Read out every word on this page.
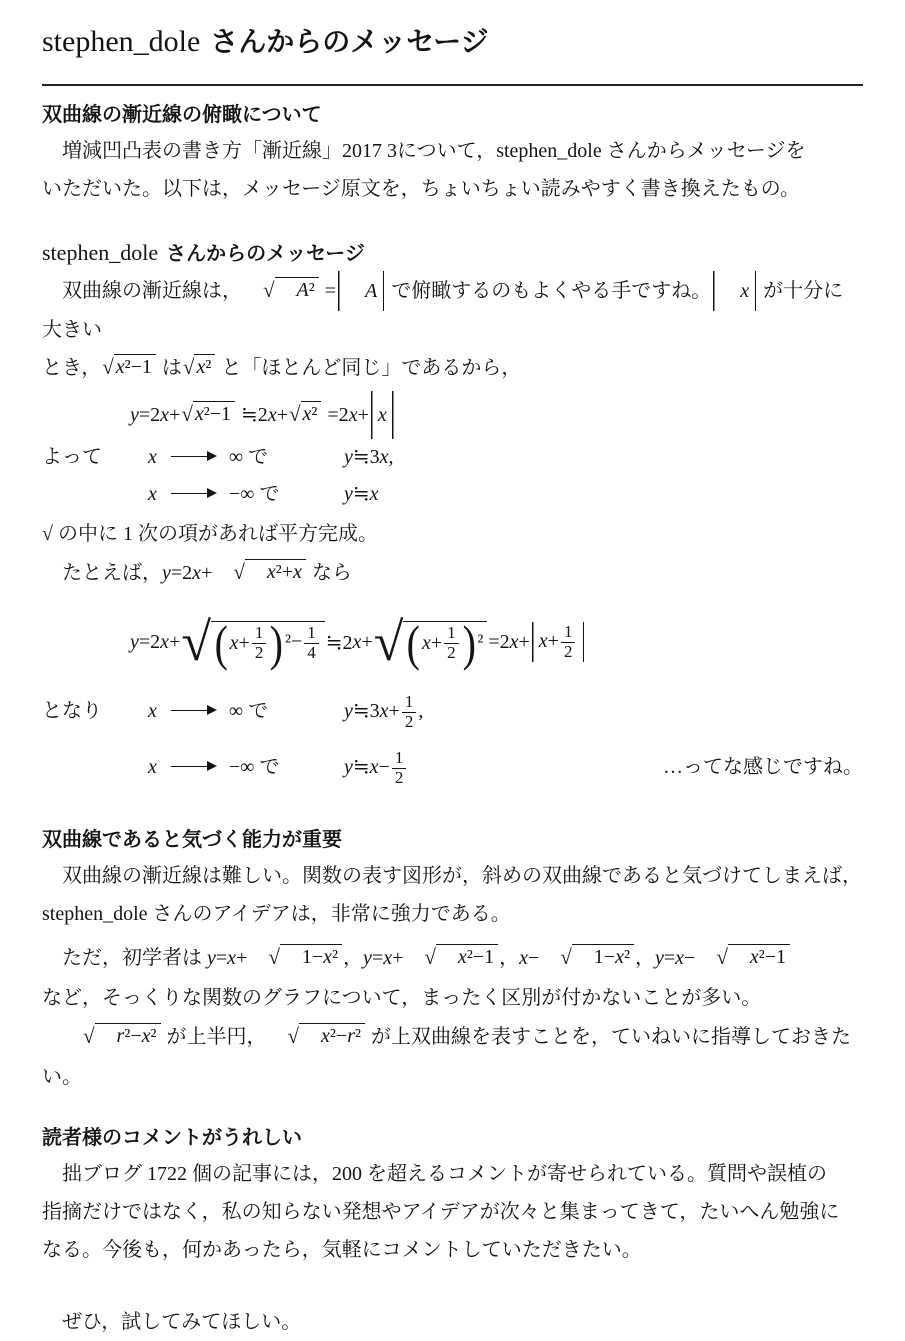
stephen_dole さんからのメッセージ
双曲線の漸近線の俯瞰について
増減凹凸表の書き方「漸近線」2017 3について，stephen_dole さんからメッセージを
いただいた。以下は，メッセージ原文を，ちょいちょい読みやすく書き換えたもの。
stephen_dole さんからのメッセージ
双曲線の漸近線は，	√	A² = A で俯瞰するのもよくやる手ですね。 x が十分に大きい
とき， √ x²−1 は √ x² と「ほとんど同じ」であるから，
y=2x+ √ x²−1 ≒2x+ √ x² =2x+ x
よって	x	∞ で	y≒3x,
x	−∞ で	y≒x
√ の中に 1 次の項があれば平方完成。
たとえば，y=2x+	√	x²+x なら
y =2 x + √ ( $x + \frac{1}{2}$ ) $^2- \frac{1}{4}$ ≒2 x + √ ( $x + \frac{1}{2}$ ) ² =2 $x + x+ \frac{1}{2}$
となり	x	∞ で	y≒3x+ $\frac{1}{2}$ ,
x	−∞ で	y≒x− $\frac{1}{2}$	…ってな感じですね。
双曲線であると気づく能力が重要
双曲線の漸近線は難しい。関数の表す図形が，斜めの双曲線であると気づけてしまえば，
stephen_dole さんのアイデアは，非常に強力である。
ただ，初学者は y=x+	√	1−x² ，y=x+	√	x²−1 ，x−	√	1−x² ，y=x−	√	x²−1
など，そっくりな関数のグラフについて，まったく区別が付かないことが多い。
√	r²−x² が上半円，	√	x²−r² が上双曲線を表すことを，ていねいに指導しておきたい。
読者様のコメントがうれしい
拙ブログ 1722 個の記事には，200 を超えるコメントが寄せられている。質問や誤植の
指摘だけではなく，私の知らない発想やアイデアが次々と集まってきて，たいへん勉強に
なる。今後も，何かあったら，気軽にコメントしていただきたい。
ぜひ，試してみてほしい。
